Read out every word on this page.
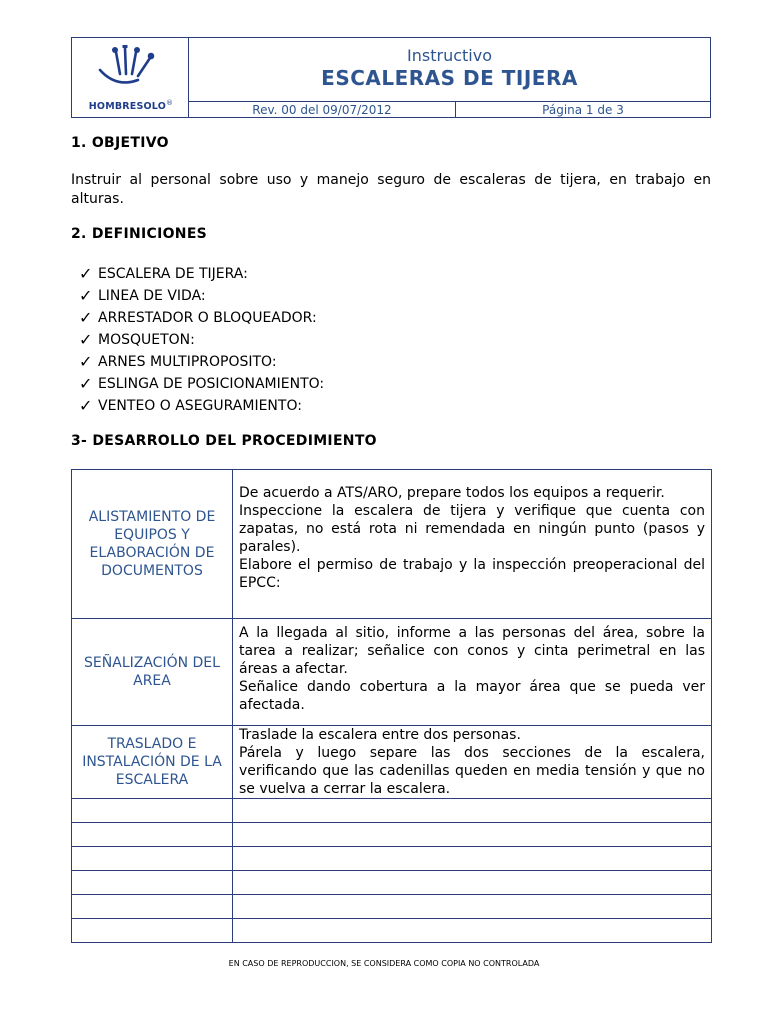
HOMBRESOLO®
Instructivo
ESCALERAS DE TIJERA
Rev. 00 del 09/07/2012	Página 1 de 3
1. OBJETIVO
Instruir al personal sobre uso y manejo seguro de escaleras de tijera, en trabajo en alturas.
2. DEFINICIONES
✓ ESCALERA DE TIJERA:
✓ LINEA DE VIDA:
✓ ARRESTADOR O BLOQUEADOR:
✓ MOSQUETON:
✓ ARNES MULTIPROPOSITO:
✓ ESLINGA DE POSICIONAMIENTO:
✓ VENTEO O ASEGURAMIENTO:
3- DESARROLLO DEL PROCEDIMIENTO
ALISTAMIENTO DE EQUIPOS Y ELABORACIÓN DE DOCUMENTOS	De acuerdo a ATS/ARO, prepare todos los equipos a requerir.
Inspeccione la escalera de tijera y verifique que cuenta con zapatas, no está rota ni remendada en ningún punto (pasos y parales).
Elabore el permiso de trabajo y la inspección preoperacional del EPCC:

SEÑALIZACIÓN DEL AREA	A la llegada al sitio, informe a las personas del área, sobre la tarea a realizar; señalice con conos y cinta perimetral en las áreas a afectar.
Señalice dando cobertura a la mayor área que se pueda ver afectada.

TRASLADO E INSTALACIÓN DE LA ESCALERA	Traslade la escalera entre dos personas.
Párela y luego separe las dos secciones de la escalera, verificando que las cadenillas queden en media tensión y que no se vuelva a cerrar la escalera.

EN CASO DE REPRODUCCION, SE CONSIDERA COMO COPIA NO CONTROLADA
